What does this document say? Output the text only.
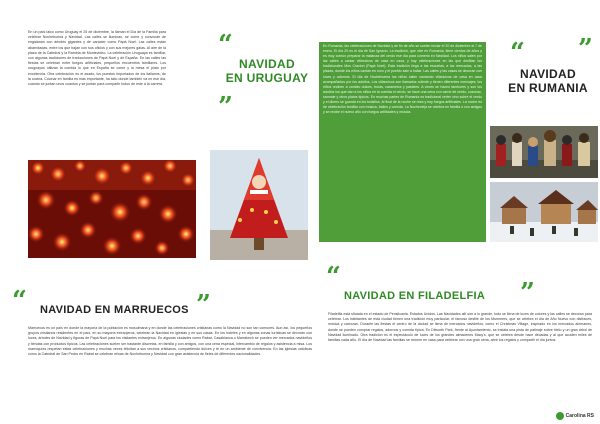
En un país laico como Uruguay el 25 de diciembre, la llaman el Día de la Familia para celebrar Nochebuena y Navidad. Las calles se iluminan, se come y convocan de engalanan con árboles gigantes y de carácter como Papá Noel. Las calles están abarrotadas, entre los que bajan con sus oficios y con sus mejores galas. Al aire de la plaza de la Catedral y la Rambla de Montevideo. La celebración Uruguaya es familiar, con algunas tradiciones de traducciones de Papá Noel y de España. En las calles las fiestas se celebran entre fuegos artificiales, pequeños encuentros familiares. Los uruguayos utilizan la comida lo que en España se come y la mesa el plato por excelencia. Otra celebración es el asado, los puestos importados de los italianos, de la cocina. Cocinar en familia es más importante, ha sido donde también va en ese día, cuando se juntan unos cuantos y se juntan para compartir todos de este a la carrera.

“
NAVIDAD
EN URUGUAY
”

En Rumanía, las celebraciones de Navidad y de fin de año se suelen iniciar el 20 de diciembre al 7 de enero. El día 20 es el día de San Ignacio. La tradición, que vive en Rumanía, tiene cientos de años y es muy común preparar la matanza del cerdo ese día para comerlo en Navidad. Los niños salen por las calles a cantar villancicos de casa en casa, y hay celebraciones en las que desfilan los tradicionales Mos Craciun (Papá Noel). Esta tradición llega a las escuelas, a los mercados, a las plazas, donde los niños cantan en coro y el pueblo sale a bailar. Las calles y las casas se decoran con luces y adornos. El día de Nochebuena los niños salen cantando villancicos de casa en casa acompañados por los adultos. Los villancicos son llamados colinde y tienen diferentes mensajes; los niños reciben a cambio dulces, frutas, caramelos y pasteles. A veces se hacen tambores y son los adultos los que dan a los niños en la comida el cerdo, se hace una cena con carne de cerdo, cozonac, sarmale y otros platos típicos. En muchas partes de Rumanía es tradicional verter vino sobre el cerdo y el dinero se guarda en los bolsillos. Al final de la noche se reza y hay fuegos artificiales. La noche es de celebración familiar con música, bailes y comida. La Nochevieja se celebra en familia o con amigos y se recibe el nuevo año con fuegos artificiales y música.

“
NAVIDAD
EN RUMANIA
”
“ NAVIDAD EN MARRUECOS ”

Marruecos es un país en donde la mayoría de la población es musulmana y en donde las celebraciones cristianas como la Navidad no son tan comunes. Aun así, los pequeños grupos cristianos residentes en el país, en su mayoría extranjeros, celebran la Navidad en iglesias y en sus casas. En los hoteles y en algunas zonas turísticas se decoran con luces, árboles de Navidad y figuras de Papá Noel para los visitantes extranjeros. En algunas ciudades como Rabat, Casablanca o Marrakech se pueden ver mercados navideños y tiendas con productos típicos. Las celebraciones suelen ser bastante discretas, en familia y con amigos, con una cena especial, intercambio de regalos y asistencia a misa. Los marroquíes respetan estas celebraciones y muchas veces felicitan a sus vecinos cristianos, compartiendo dulces y té en un ambiente de convivencia. En las iglesias católicas como la Catedral de San Pedro en Rabat se celebran misas de Nochebuena y Navidad con gran asistencia de fieles de diferentes nacionalidades.

“
NAVIDAD EN FILADELFIA	”

Filadelfia está situada en el estado de Pensilvania, Estados Unidos. Las Navidades allí son a lo grande, todo se llena de luces de colores y las calles se decoran para celebrar. Los habitantes de esta ciudad tienen una tradición muy particular, el famoso desfile de los Mummers, que se celebra el día de Año Nuevo con disfraces, música y carrozas. Durante las fiestas el centro de la ciudad se llena de mercados navideños, como el Christmas Village, inspirado en los mercados alemanes, donde se pueden comprar regalos, adornos y comida típica. En Dilworth Park, frente al Ayuntamiento, se instala una pista de patinaje sobre hielo y un gran árbol de Navidad iluminado. Otra tradición es el espectáculo de luces de los grandes almacenes Macy's, que se celebra desde hace décadas y al que acuden miles de familias cada año. El día de Navidad las familias se reúnen en casa para celebrar con una gran cena, abrir los regalos y compartir el día juntos.

Carolina RS
